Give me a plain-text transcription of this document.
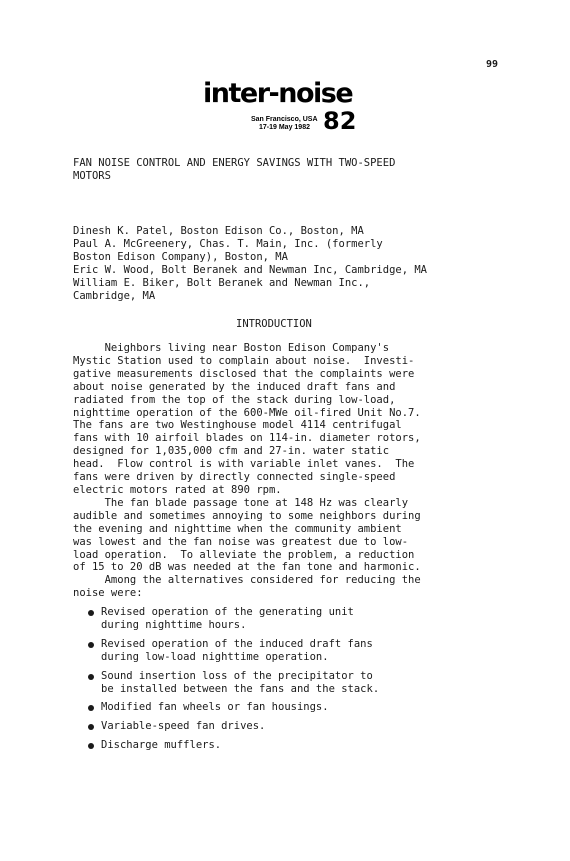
99
inter-noise
San Francisco, USA
17-19 May 1982 82
FAN NOISE CONTROL AND ENERGY SAVINGS WITH TWO-SPEED
MOTORS
Dinesh K. Patel, Boston Edison Co., Boston, MA
Paul A. McGreenery, Chas. T. Main, Inc. (formerly
Boston Edison Company), Boston, MA
Eric W. Wood, Bolt Beranek and Newman Inc, Cambridge, MA
William E. Biker, Bolt Beranek and Newman Inc.,
Cambridge, MA
INTRODUCTION
Neighbors living near Boston Edison Company's
Mystic Station used to complain about noise.  Investi-
gative measurements disclosed that the complaints were
about noise generated by the induced draft fans and
radiated from the top of the stack during low-load,
nighttime operation of the 600-MWe oil-fired Unit No.7.
The fans are two Westinghouse model 4114 centrifugal
fans with 10 airfoil blades on 114-in. diameter rotors,
designed for 1,035,000 cfm and 27-in. water static
head.  Flow control is with variable inlet vanes.  The
fans were driven by directly connected single-speed
electric motors rated at 890 rpm.
The fan blade passage tone at 148 Hz was clearly
audible and sometimes annoying to some neighbors during
the evening and nighttime when the community ambient
was lowest and the fan noise was greatest due to low-
load operation.  To alleviate the problem, a reduction
of 15 to 20 dB was needed at the fan tone and harmonic.
Among the alternatives considered for reducing the
noise were:
Revised operation of the generating unit
during nighttime hours.
Revised operation of the induced draft fans
during low-load nighttime operation.
Sound insertion loss of the precipitator to
be installed between the fans and the stack.
Modified fan wheels or fan housings.
Variable-speed fan drives.
Discharge mufflers.
